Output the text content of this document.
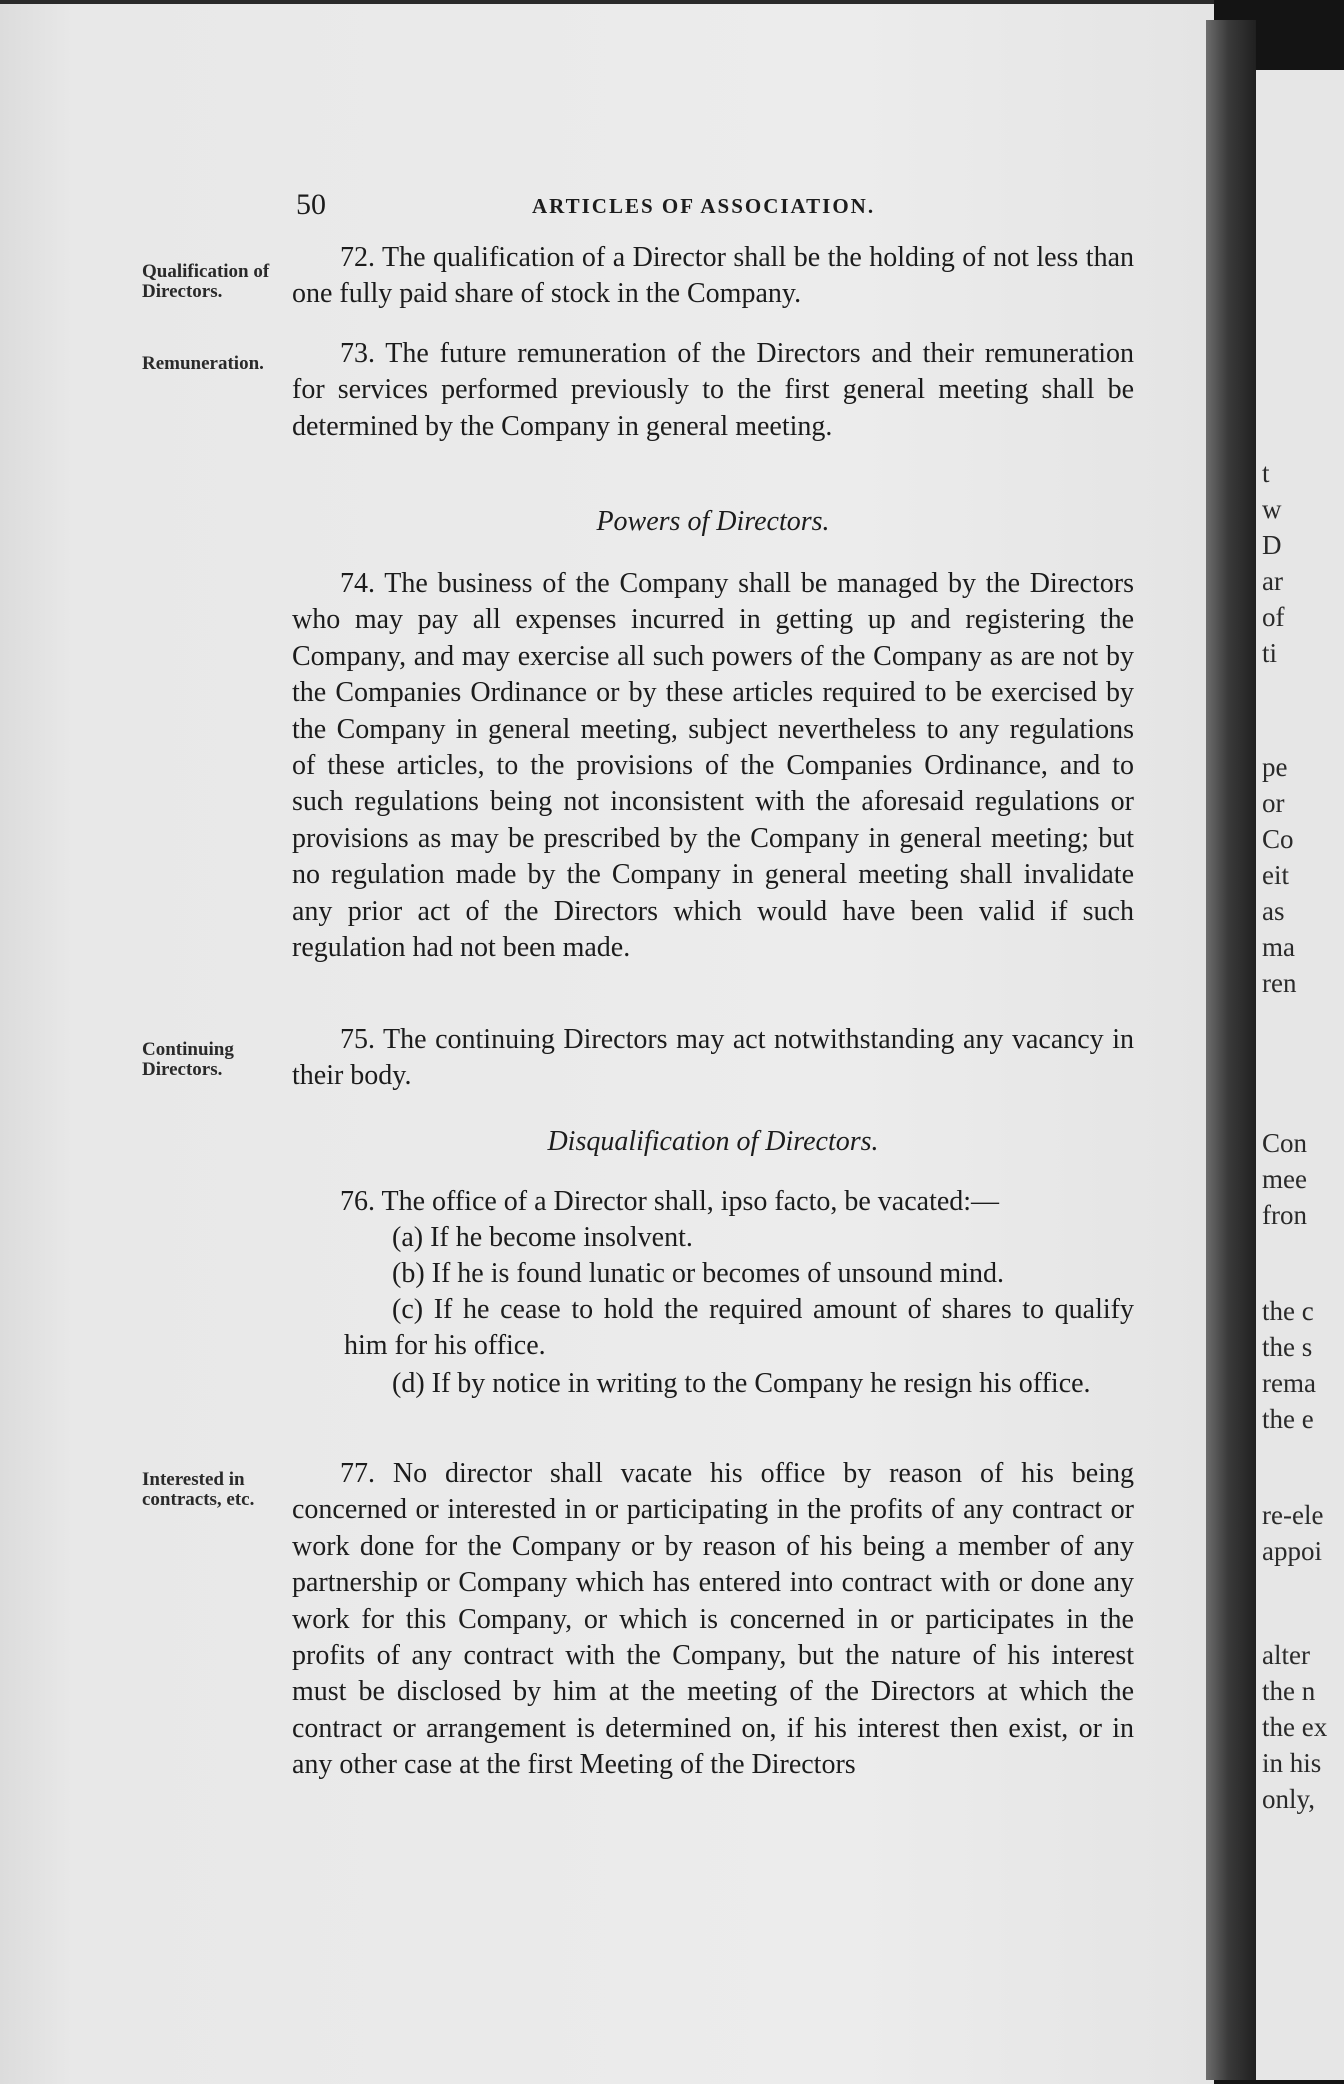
50	ARTICLES OF ASSOCIATION.
Qualification of Directors.
Remuneration.
Continuing Directors.
Interested in contracts, etc.
72. The qualification of a Director shall be the holding of not less than one fully paid share of stock in the Company.
73. The future remuneration of the Directors and their remuneration for services performed previously to the first general meeting shall be determined by the Company in general meeting.
Powers of Directors.
74. The business of the Company shall be managed by the Directors who may pay all expenses incurred in getting up and registering the Company, and may exercise all such powers of the Company as are not by the Companies Ordinance or by these articles required to be exercised by the Company in general meeting, subject nevertheless to any regulations of these articles, to the provisions of the Companies Ordinance, and to such regulations being not inconsistent with the aforesaid regulations or provisions as may be prescribed by the Company in general meeting; but no regulation made by the Company in general meeting shall invalidate any prior act of the Directors which would have been valid if such regulation had not been made.
75. The continuing Directors may act notwithstanding any vacancy in their body.
Disqualification of Directors.
76. The office of a Director shall, ipso facto, be vacated:—
(a) If he become insolvent.
(b) If he is found lunatic or becomes of unsound mind.
(c) If he cease to hold the required amount of shares to qualify him for his office.
(d) If by notice in writing to the Company he resign his office.
77. No director shall vacate his office by reason of his being concerned or interested in or participating in the profits of any contract or work done for the Company or by reason of his being a member of any partnership or Company which has entered into contract with or done any work for this Company, or which is concerned in or participates in the profits of any contract with the Company, but the nature of his interest must be disclosed by him at the meeting of the Directors at which the contract or arrangement is determined on, if his interest then exist, or in any other case at the first Meeting of the Directors
t
w
D
ar
of
ti
pe
or
Co
eit
as
ma
ren
Con
mee
fron
the c
the s
rema
the e
re-ele
appoi
alter
the n
the ex
in his
only,
